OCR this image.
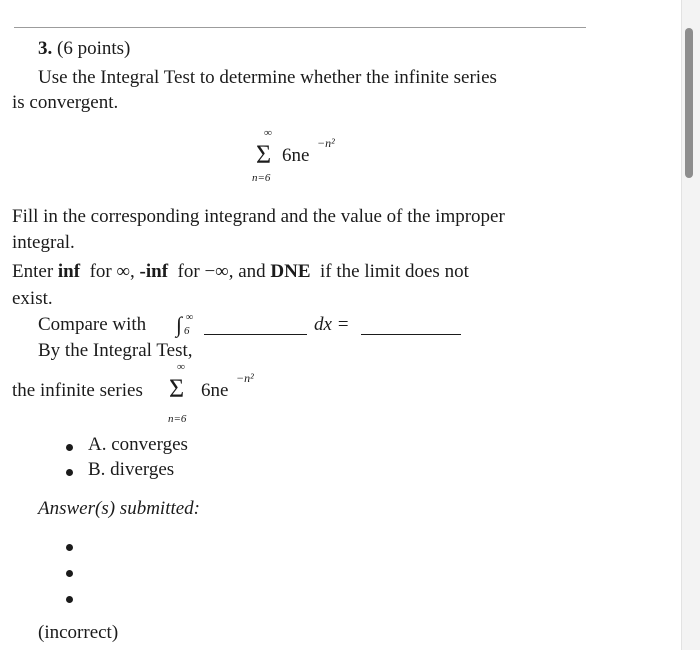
3. (6 points)
Use the Integral Test to determine whether the infinite series
is convergent.
∞
Σ
n=6
6ne
−n²
Fill in the corresponding integrand and the value of the improper
integral.
Enter inf  for ∞, -inf  for −∞, and DNE  if the limit does not
exist.
Compare with ∫ ∞
6	dx =
By the Integral Test,
the infinite series
∞
Σ
n=6
6ne
−n²
A. converges
B. diverges
Answer(s) submitted:
(incorrect)
